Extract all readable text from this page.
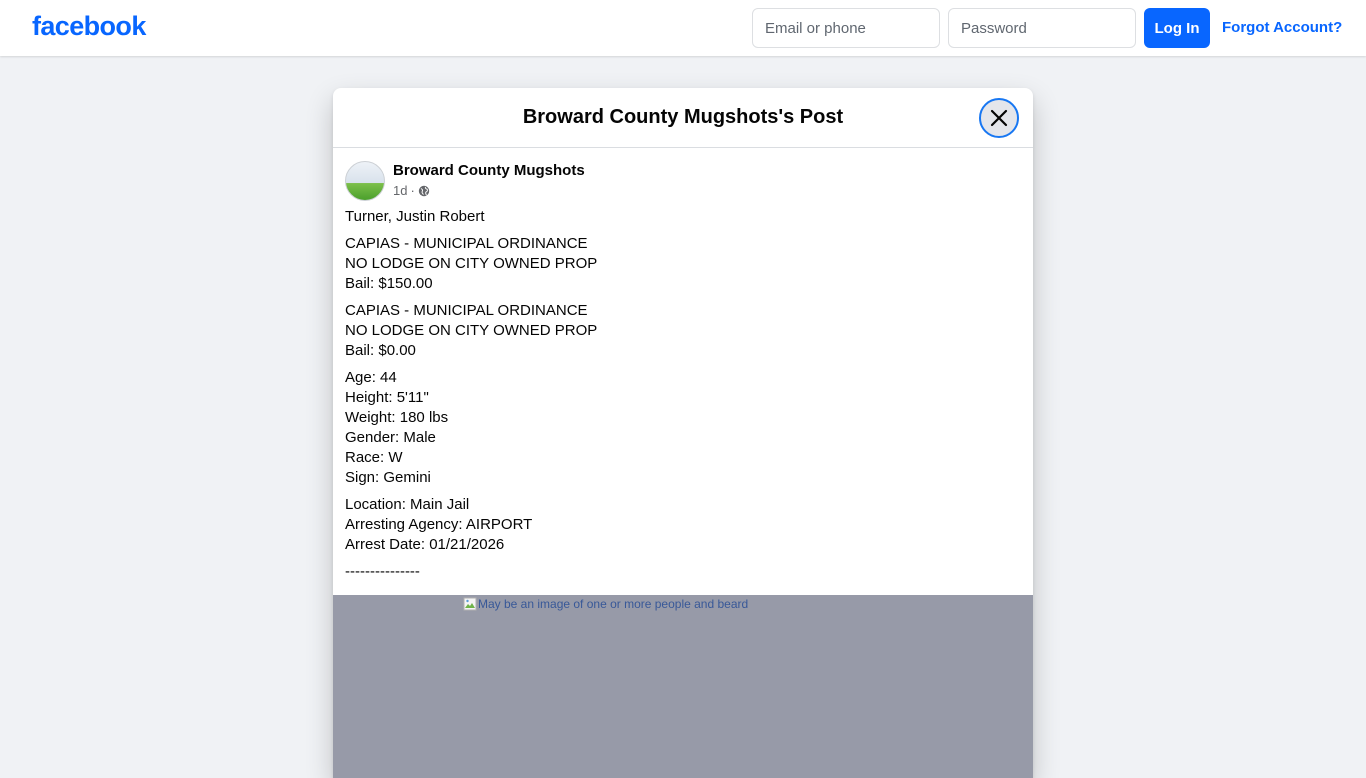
facebook
Email or phone	Log In	Forgot Account?
Broward County Mugshots's Post
Broward County Mugshots
1d ·
Turner, Justin Robert
CAPIAS - MUNICIPAL ORDINANCE
NO LODGE ON CITY OWNED PROP
Bail: $150.00
CAPIAS - MUNICIPAL ORDINANCE
NO LODGE ON CITY OWNED PROP
Bail: $0.00
Age: 44
Height: 5'11"
Weight: 180 lbs
Gender: Male
Race: W
Sign: Gemini
Location: Main Jail
Arresting Agency: AIRPORT
Arrest Date: 01/21/2026
---------------
May be an image of one or more people and beard
